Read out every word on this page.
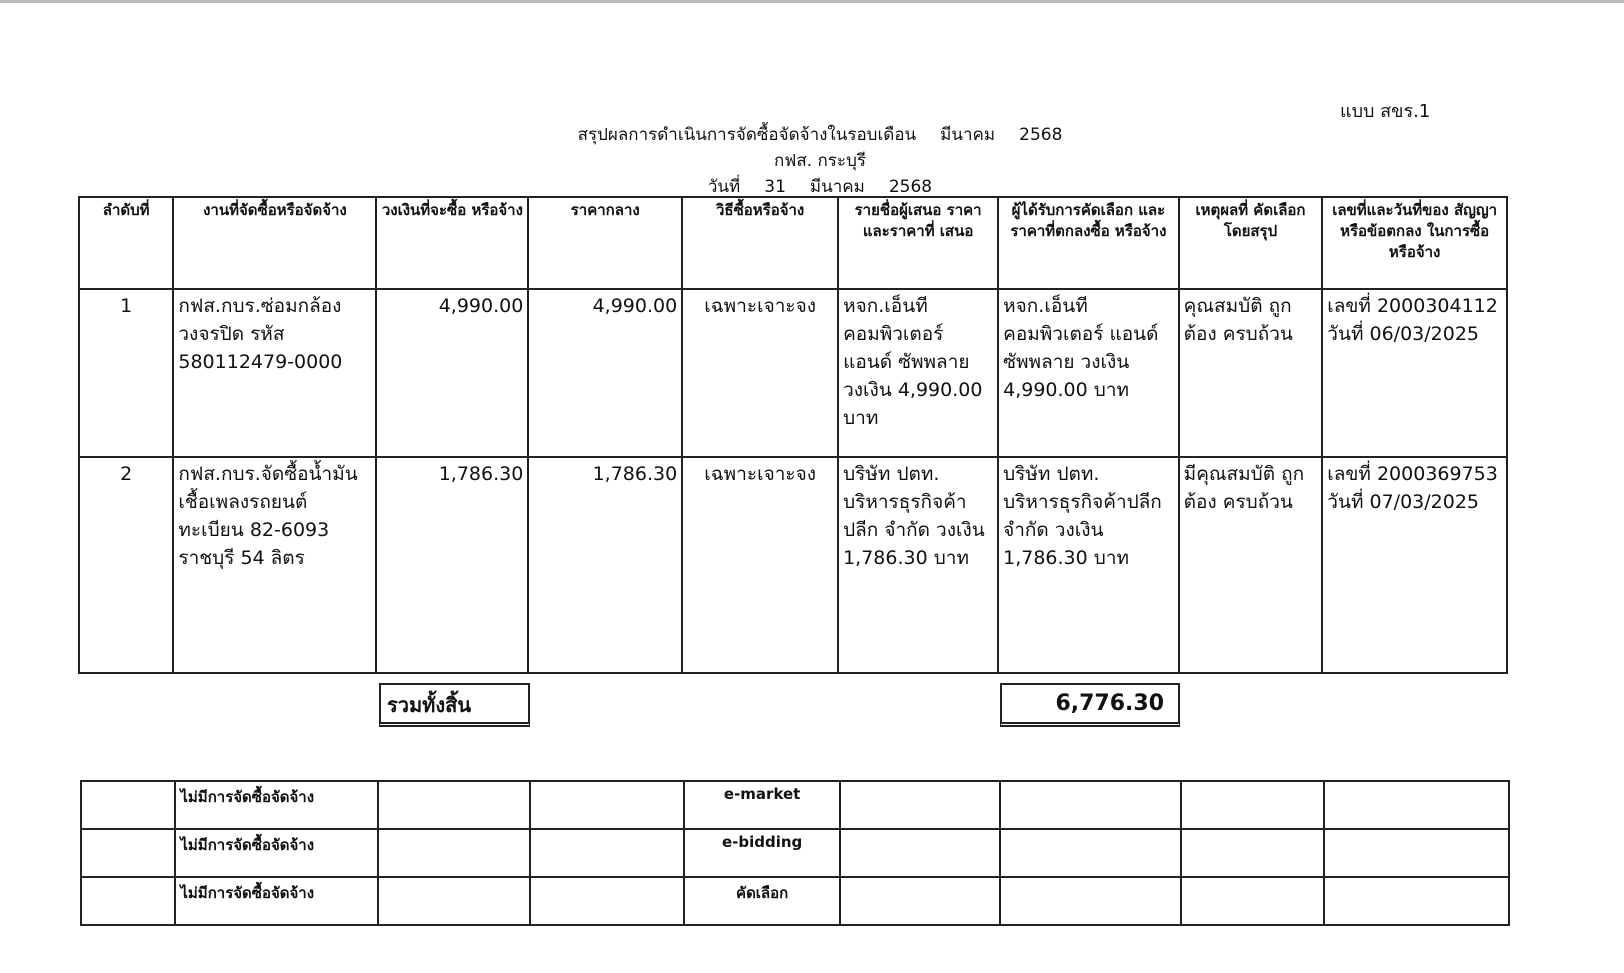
แบบ สขร.1
สรุปผลการดำเนินการจัดซื้อจัดจ้างในรอบเดือน มีนาคม 2568
กฟส. กระบุรี
วันที่ 31 มีนาคม 2568
ลำดับที่	งานที่จัดซื้อหรือจัดจ้าง	วงเงินที่จะซื้อ หรือจ้าง	ราคากลาง	วิธีซื้อหรือจ้าง	รายชื่อผู้เสนอ ราคาและราคาที่ เสนอ	ผู้ได้รับการคัดเลือก และราคาที่ตกลงซื้อ หรือจ้าง	เหตุผลที่ คัดเลือกโดยสรุป	เลขที่และวันที่ของ สัญญาหรือข้อตกลง ในการซื้อหรือจ้าง
1	กฟส.กบร.ซ่อมกล้องวงจรปิด รหัส 580112479-0000	4,990.00	4,990.00	เฉพาะเจาะจง	หจก.เอ็นที คอมพิวเตอร์ แอนด์ ซัพพลาย วงเงิน 4,990.00 บาท	หจก.เอ็นที คอมพิวเตอร์ แอนด์ ซัพพลาย วงเงิน 4,990.00 บาท	คุณสมบัติ ถูกต้อง ครบถ้วน	เลขที่ 2000304112 วันที่ 06/03/2025
2	กฟส.กบร.จัดซื้อน้ำมันเชื้อเพลงรถยนต์ ทะเบียน 82-6093 ราชบุรี 54 ลิตร	1,786.30	1,786.30	เฉพาะเจาะจง	บริษัท ปตท. บริหารธุรกิจค้าปลีก จำกัด วงเงิน 1,786.30 บาท	บริษัท ปตท. บริหารธุรกิจค้าปลีก จำกัด วงเงิน 1,786.30 บาท	มีคุณสมบัติ ถูกต้อง ครบถ้วน	เลขที่ 2000369753 วันที่ 07/03/2025
รวมทั้งสิ้น	6,776.30
	ไม่มีการจัดซื้อจัดจ้าง			e-market				
	ไม่มีการจัดซื้อจัดจ้าง			e-bidding				
	ไม่มีการจัดซื้อจัดจ้าง			คัดเลือก				
